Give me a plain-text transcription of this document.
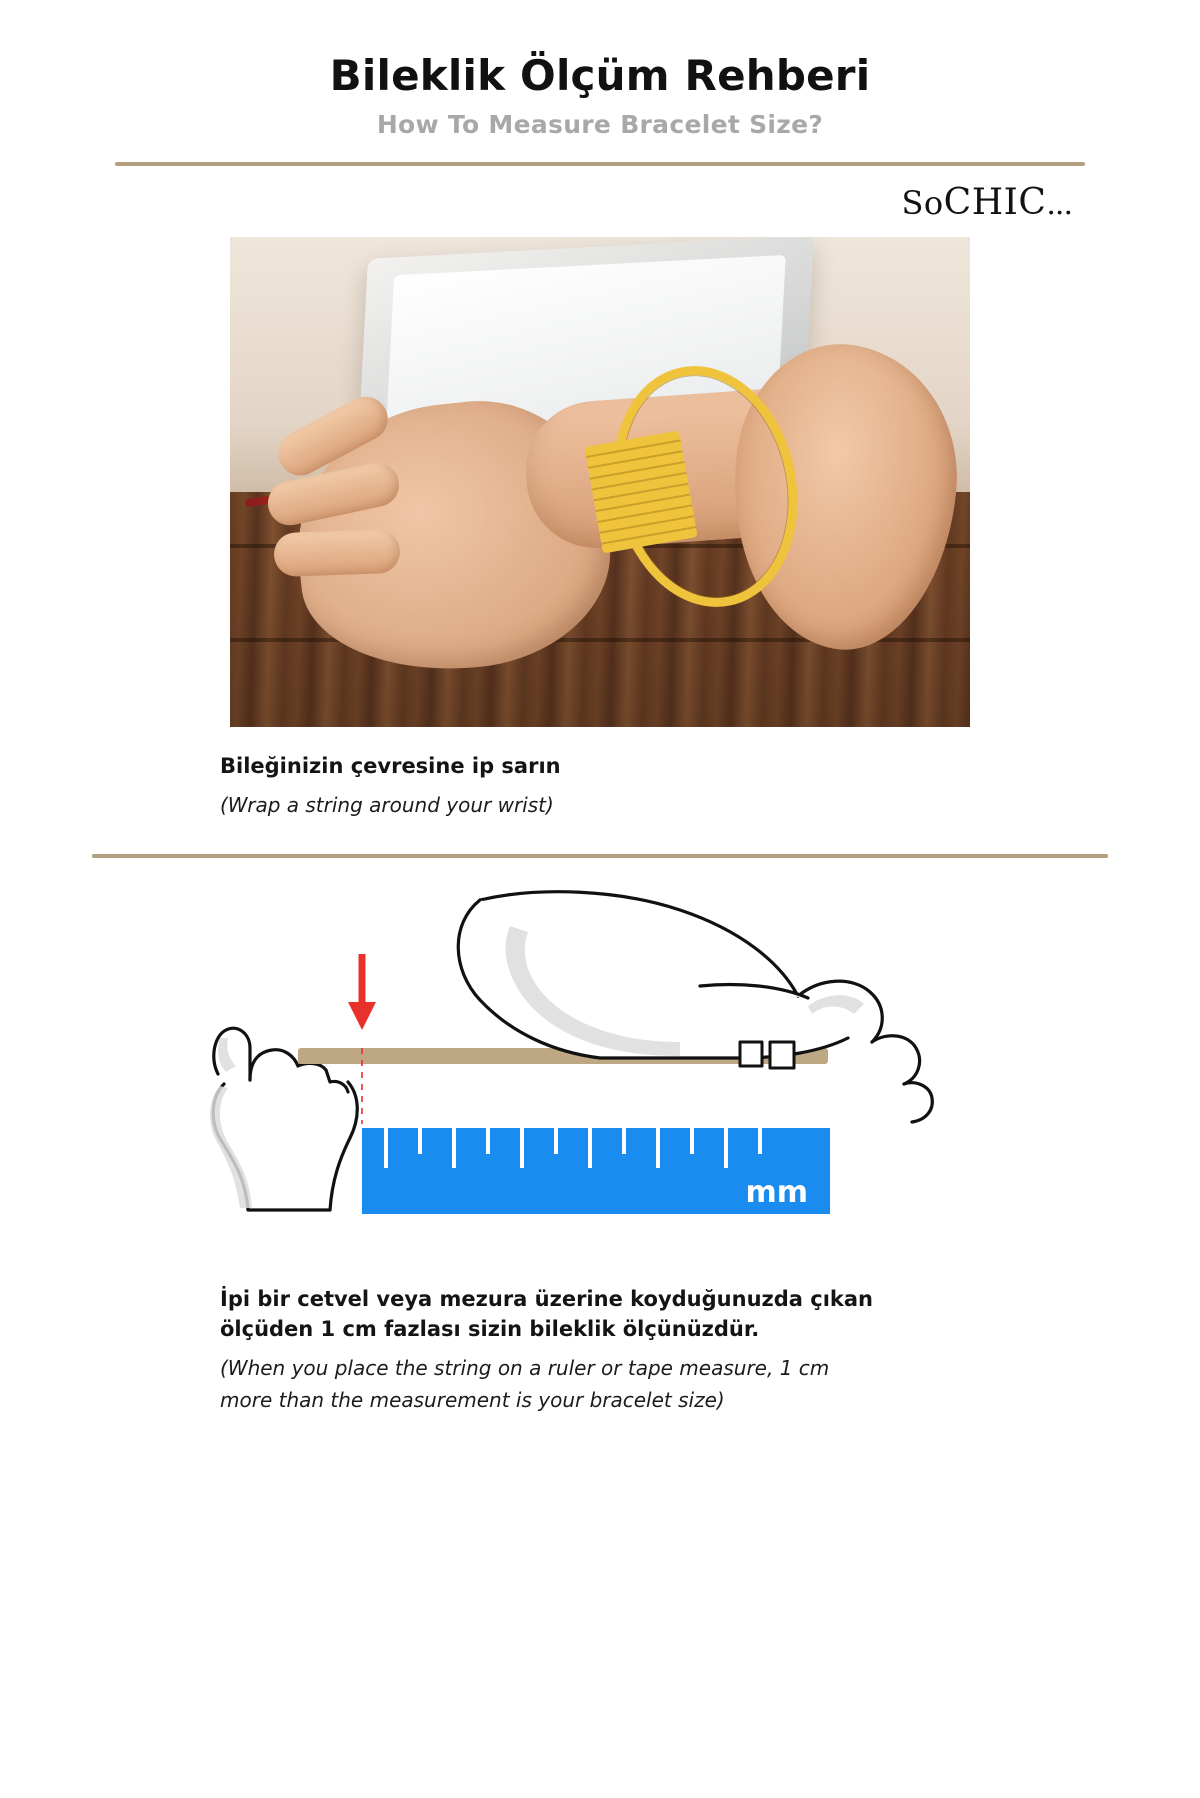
Bileklik Ölçüm Rehberi
How To Measure Bracelet Size?
SoCHIC...

Bileğinizin çevresine ip sarın

(Wrap a string around your wrist)

mm

İpi bir cetvel veya mezura üzerine koyduğunuzda çıkan

ölçüden 1 cm fazlası sizin bileklik ölçünüzdür.

(When you place the string on a ruler or tape measure, 1 cm

more than the measurement is your bracelet size)
